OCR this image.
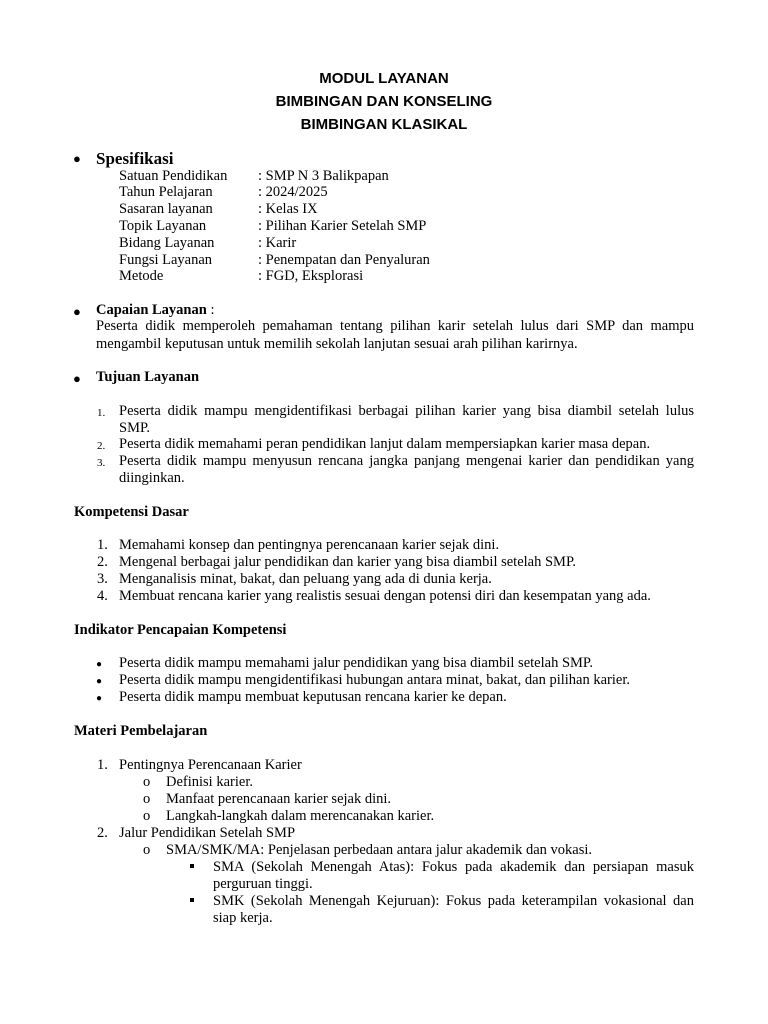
MODUL LAYANAN
BIMBINGAN DAN KONSELING
BIMBINGAN KLASIKAL
● Spesifikasi
Satuan Pendidikan : SMP N 3 Balikpapan
Tahun Pelajaran	: 2024/2025
Sasaran layanan	: Kelas IX
Topik Layanan	: Pilihan Karier Setelah SMP
Bidang Layanan	: Karir
Fungsi Layanan	: Penempatan dan Penyaluran
Metode	: FGD, Eksplorasi
● Capaian Layanan :
Peserta didik memperoleh pemahaman tentang pilihan karir setelah lulus dari SMP dan mampu mengambil keputusan untuk memilih sekolah lanjutan sesuai arah pilihan karirnya.
● Tujuan Layanan
1. Peserta didik mampu mengidentifikasi berbagai pilihan karier yang bisa diambil setelah lulus SMP.
2. Peserta didik memahami peran pendidikan lanjut dalam mempersiapkan karier masa depan.
3. Peserta didik mampu menyusun rencana jangka panjang mengenai karier dan pendidikan yang diinginkan.
Kompetensi Dasar
1. Memahami konsep dan pentingnya perencanaan karier sejak dini.
2. Mengenal berbagai jalur pendidikan dan karier yang bisa diambil setelah SMP.
3. Menganalisis minat, bakat, dan peluang yang ada di dunia kerja.
4. Membuat rencana karier yang realistis sesuai dengan potensi diri dan kesempatan yang ada.
Indikator Pencapaian Kompetensi
● Peserta didik mampu memahami jalur pendidikan yang bisa diambil setelah SMP.
● Peserta didik mampu mengidentifikasi hubungan antara minat, bakat, dan pilihan karier.
● Peserta didik mampu membuat keputusan rencana karier ke depan.
Materi Pembelajaran
1. Pentingnya Perencanaan Karier
o Definisi karier.
o Manfaat perencanaan karier sejak dini.
o Langkah-langkah dalam merencanakan karier.
2. Jalur Pendidikan Setelah SMP
o SMA/SMK/MA: Penjelasan perbedaan antara jalur akademik dan vokasi.
SMA (Sekolah Menengah Atas): Fokus pada akademik dan persiapan masuk perguruan tinggi.
SMK (Sekolah Menengah Kejuruan): Fokus pada keterampilan vokasional dan siap kerja.
